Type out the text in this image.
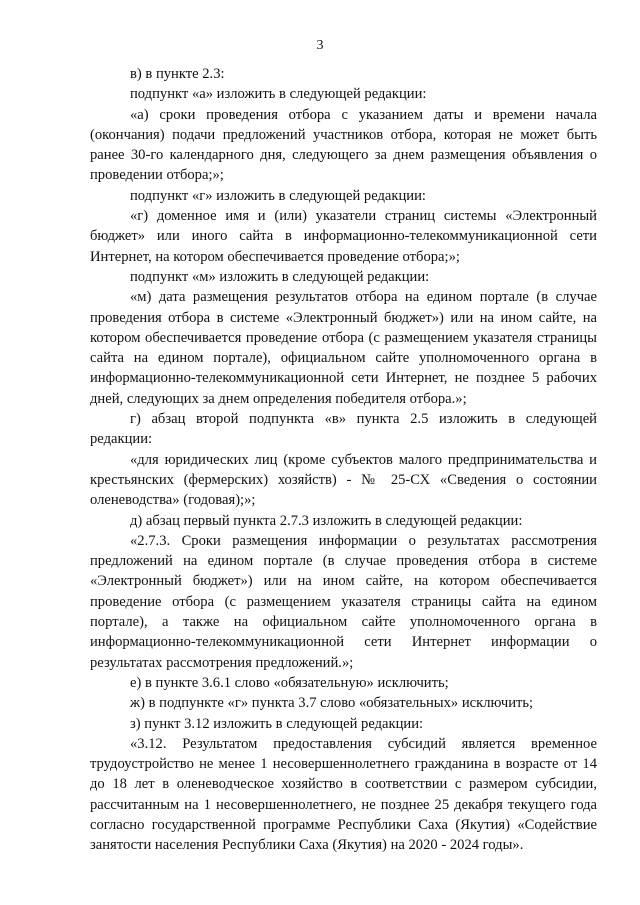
3

в) в пункте 2.3:

подпункт «а» изложить в следующей редакции:

«а) сроки проведения отбора с указанием даты и времени начала (окончания) подачи предложений участников отбора, которая не может быть ранее 30-го календарного дня, следующего за днем размещения объявления о проведении отбора;»;

подпункт «г» изложить в следующей редакции:

«г) доменное имя и (или) указатели страниц системы «Электронный бюджет» или иного сайта в информационно-телекоммуникационной сети Интернет, на котором обеспечивается проведение отбора;»;

подпункт «м» изложить в следующей редакции:

«м) дата размещения результатов отбора на едином портале (в случае проведения отбора в системе «Электронный бюджет») или на ином сайте, на котором обеспечивается проведение отбора (с размещением указателя страницы сайта на едином портале), официальном сайте уполномоченного органа в информационно-телекоммуникационной сети Интернет, не позднее 5 рабочих дней, следующих за днем определения победителя отбора.»;

г) абзац второй подпункта «в» пункта 2.5 изложить в следующей редакции:

«для юридических лиц (кроме субъектов малого предпринимательства и крестьянских (фермерских) хозяйств) - № 25-СХ «Сведения о состоянии оленеводства» (годовая);»;

д) абзац первый пункта 2.7.3 изложить в следующей редакции:

«2.7.3. Сроки размещения информации о результатах рассмотрения предложений на едином портале (в случае проведения отбора в системе «Электронный бюджет») или на ином сайте, на котором обеспечивается проведение отбора (с размещением указателя страницы сайта на едином портале), а также на официальном сайте уполномоченного органа в информационно-телекоммуникационной сети Интернет информации о результатах рассмотрения предложений.»;

е) в пункте 3.6.1 слово «обязательную» исключить;

ж) в подпункте «г» пункта 3.7 слово «обязательных» исключить;

з) пункт 3.12 изложить в следующей редакции:

«3.12. Результатом предоставления субсидий является временное трудоустройство не менее 1 несовершеннолетнего гражданина в возрасте от 14 до 18 лет в оленеводческое хозяйство в соответствии с размером субсидии, рассчитанным на 1 несовершеннолетнего, не позднее 25 декабря текущего года согласно государственной программе Республики Саха (Якутия) «Содействие занятости населения Республики Саха (Якутия) на 2020 - 2024 годы».
